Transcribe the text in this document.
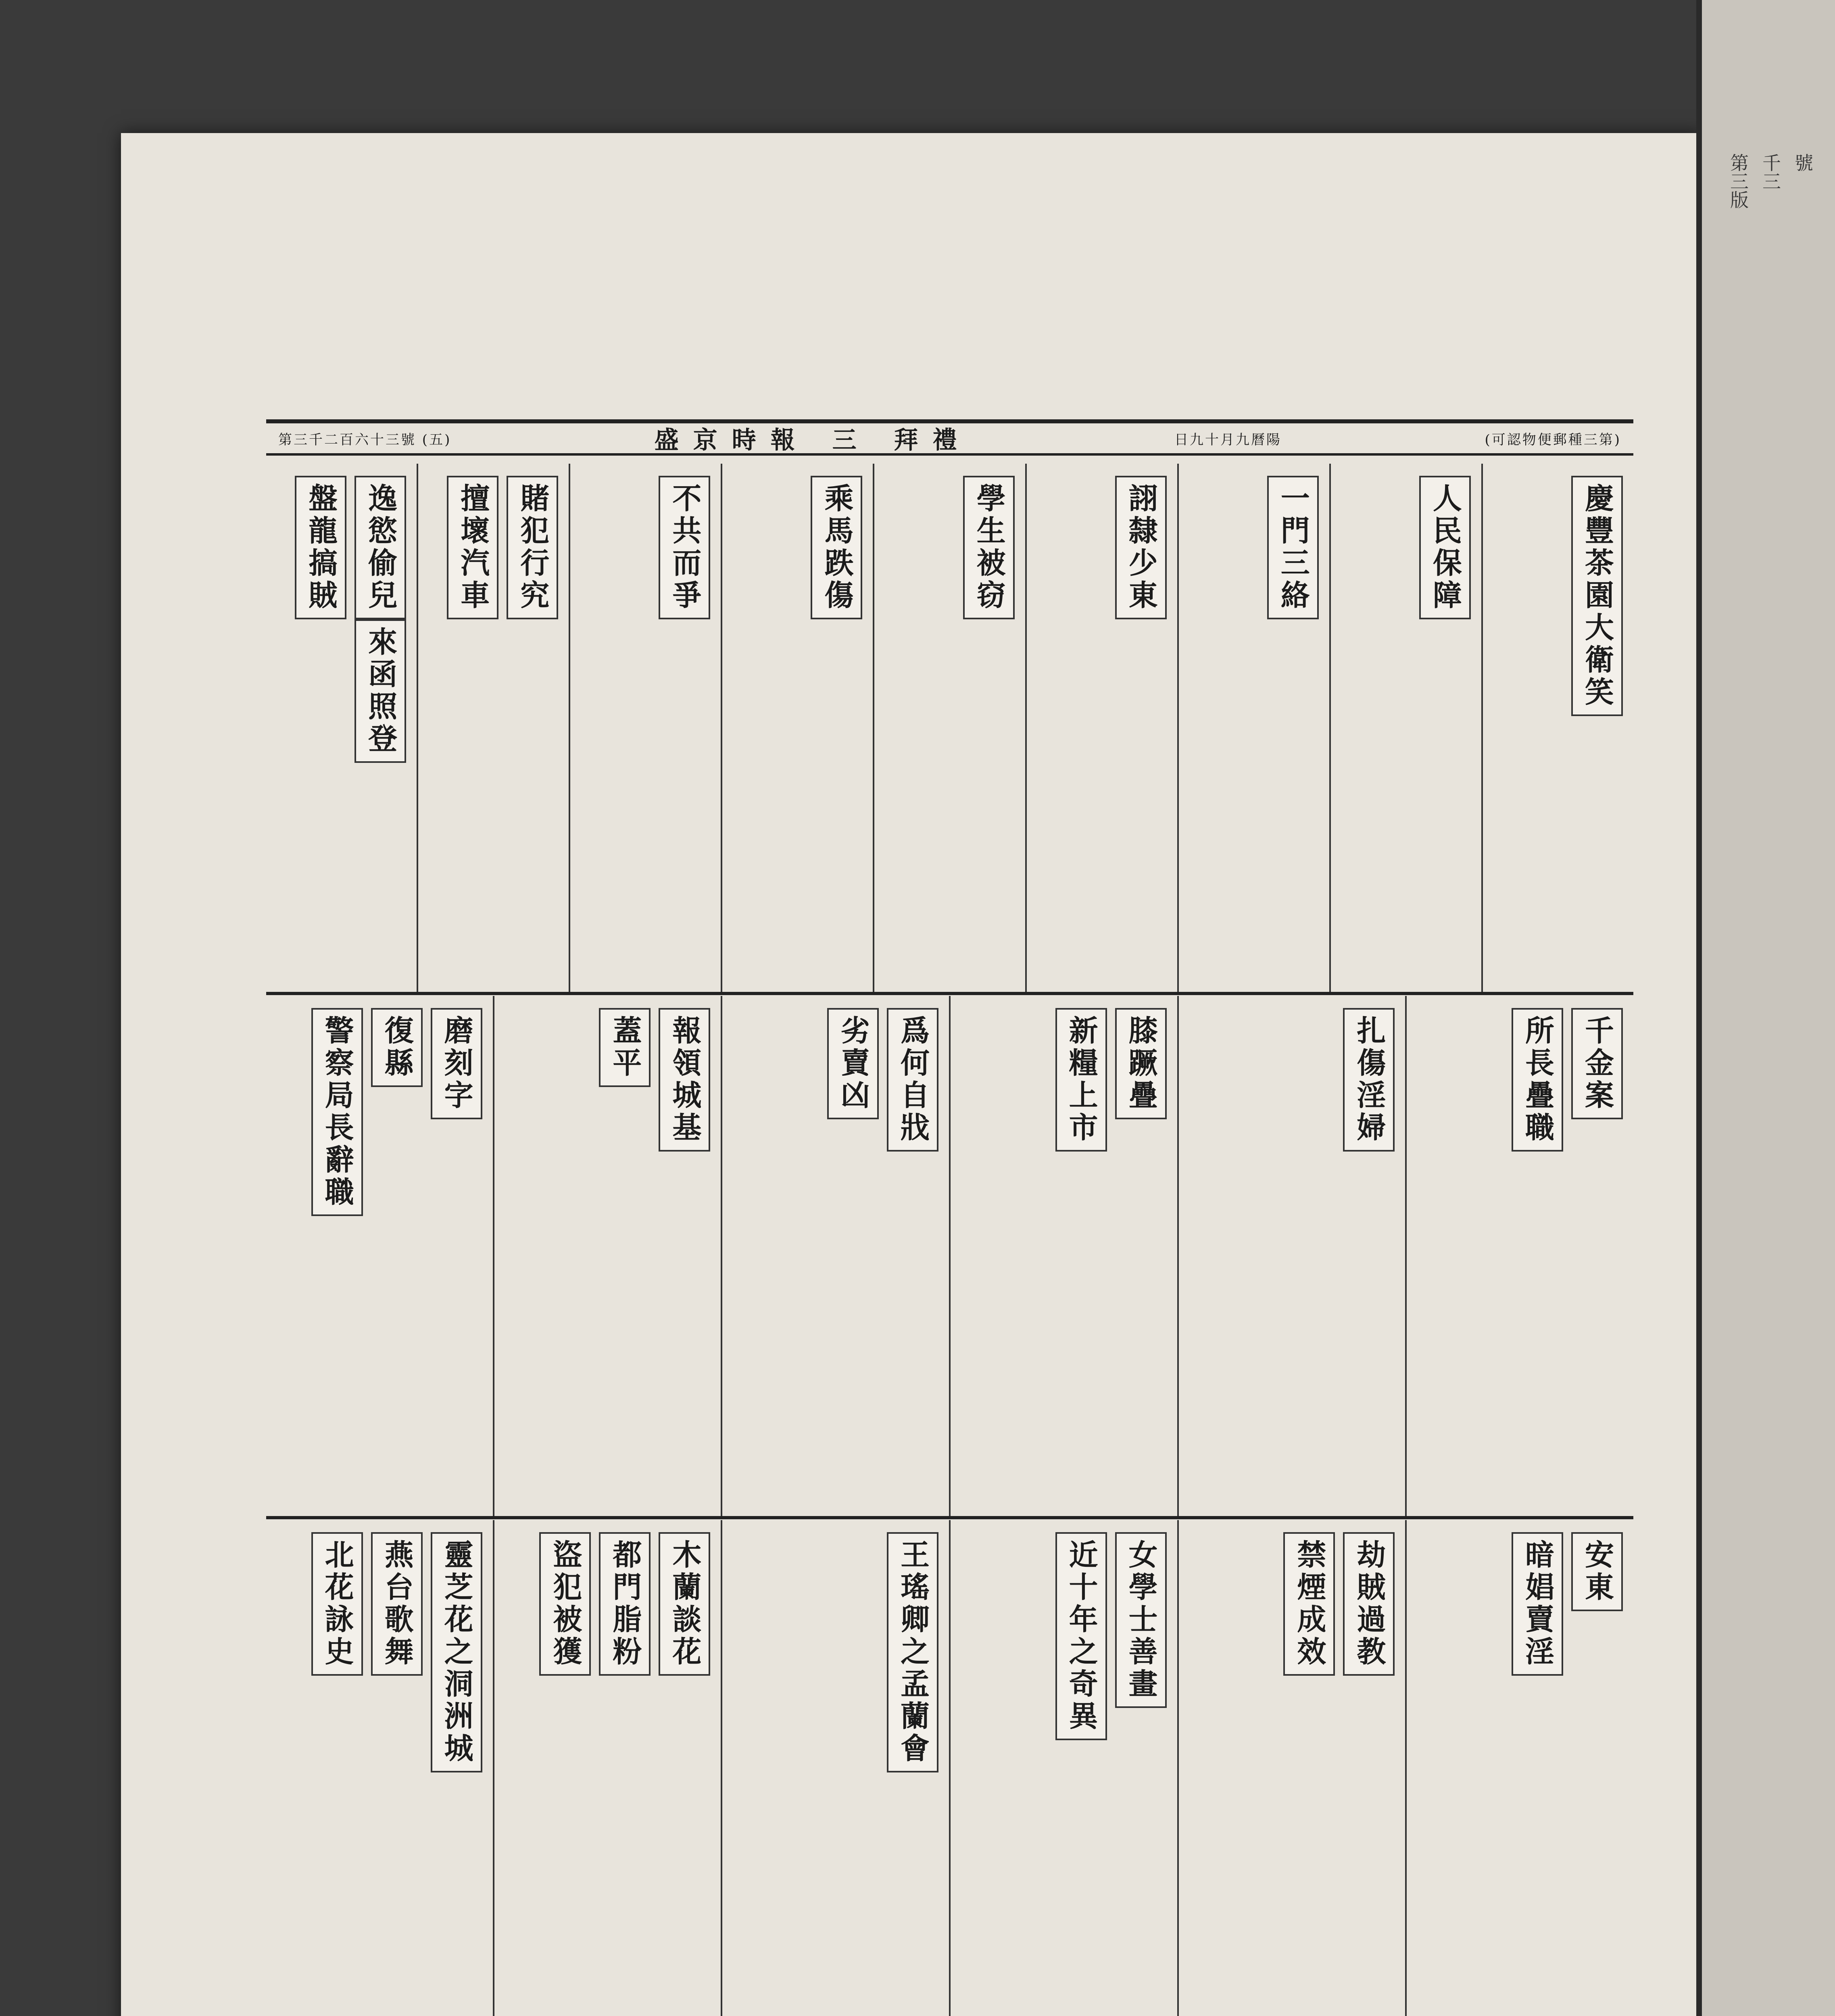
(五) 號三十六百二千三第	盛京時報 三 拜禮	日九十月九曆陽	(可認物便郵種三第)
慶豐茶園大衛笑
人民保障
一門三絡
詡隸少東
學生被窃
乘馬跌傷
不共而爭
賭犯行究
擅壞汽車
逸慾偷兒
盤龍搞賊
來函照登
千金案
所長疊職
扎傷淫婦
膝蹶疊
新糧上市
爲何自戕
劣賣凶
報領城基
蓋平
磨刻字
復縣
警察局長辭職
安東
暗娼賣淫
劫賊過教
禁煙成效
女學士善畫
近十年之奇異
王瑤卿之孟蘭會
木蘭談花
都門脂粉
盜犯被獲
靈芝花之洞洲城
燕台歌舞
北花詠史
第三版 千三 號
